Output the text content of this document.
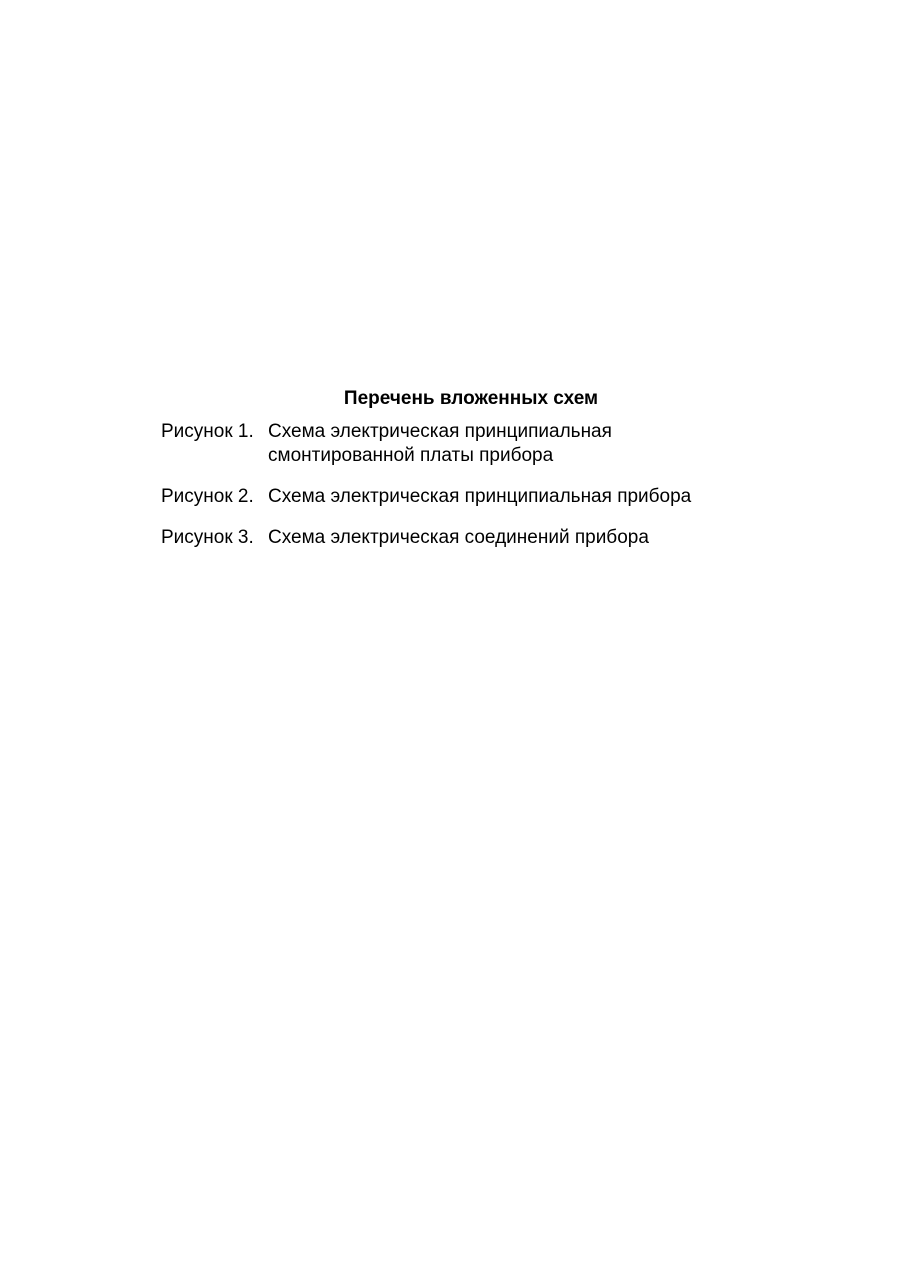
Перечень вложенных схем
Рисунок 1. Схема электрическая принципиальная
смонтированной платы прибора
Рисунок 2. Схема электрическая принципиальная прибора
Рисунок 3. Схема электрическая соединений прибора
